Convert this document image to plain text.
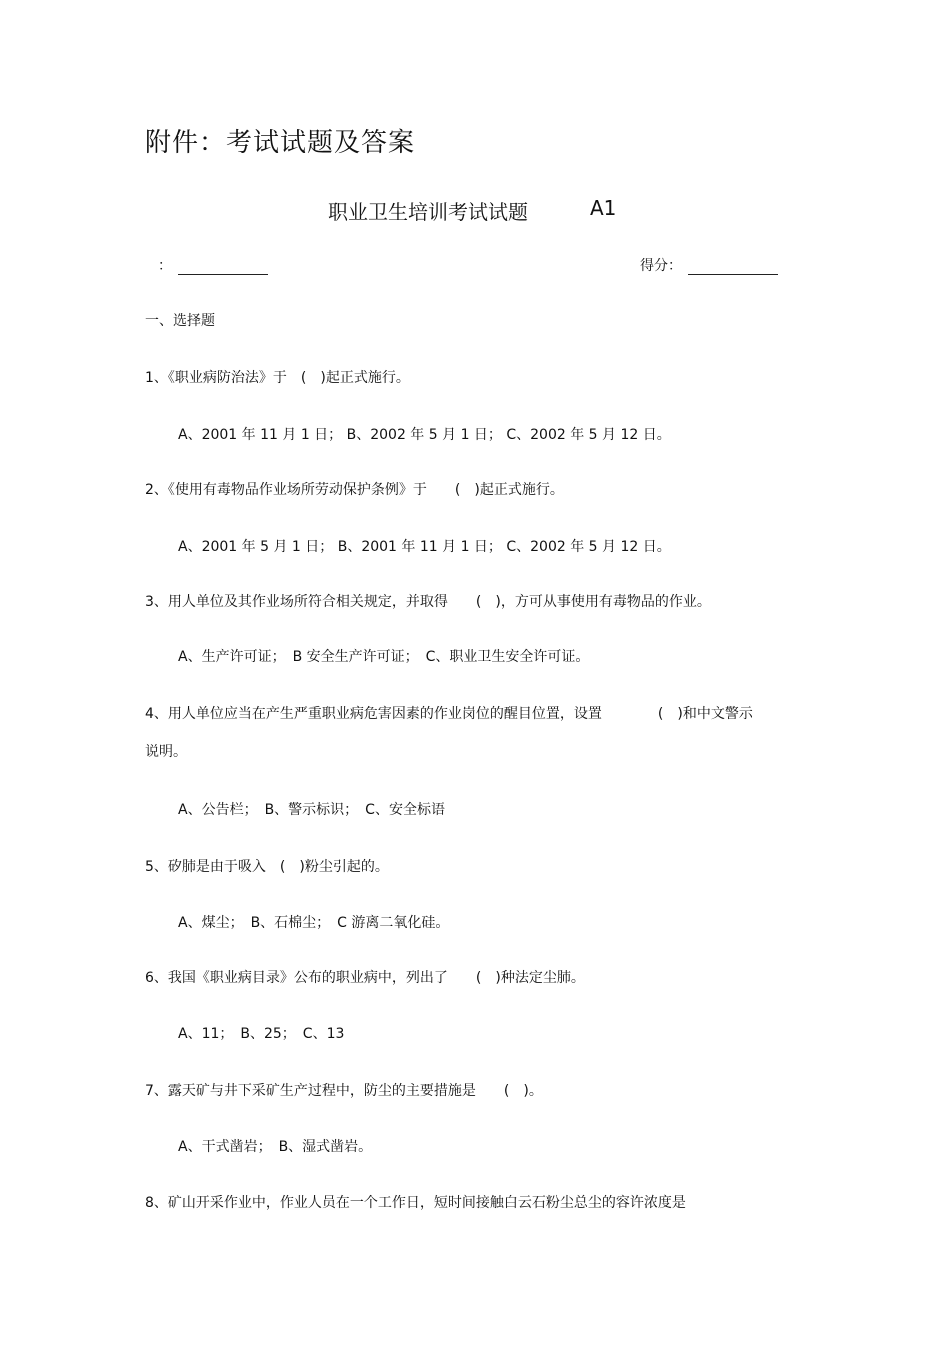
附件：考试试题及答案
职业卫生培训考试试题	A1
：	得分：
一、选择题
1、《职业病防治法》于　(　)起正式施行。
A、2001 年 11 月 1 日； B、2002 年 5 月 1 日； C、2002 年 5 月 12 日。
2、《使用有毒物品作业场所劳动保护条例》于　　(　)起正式施行。
A、2001 年 5 月 1 日； B、2001 年 11 月 1 日； C、2002 年 5 月 12 日。
3、用人单位及其作业场所符合相关规定，并取得　　(　)，方可从事使用有毒物品的作业。
A、生产许可证；　B 安全生产许可证；　C、职业卫生安全许可证。
4、用人单位应当在产生严重职业病危害因素的作业岗位的醒目位置，设置　　　　(　)和中文警示
说明。
A、公告栏；　B、警示标识；　C、安全标语
5、矽肺是由于吸入　(　)粉尘引起的。
A、煤尘；　B、石棉尘；　C 游离二氧化硅。
6、我国《职业病目录》公布的职业病中，列出了　　(　)种法定尘肺。
A、11；　B、25；　C、13
7、露天矿与井下采矿生产过程中，防尘的主要措施是　　(　)。
A、干式凿岩；　B、湿式凿岩。
8、矿山开采作业中，作业人员在一个工作日，短时间接触白云石粉尘总尘的容许浓度是
